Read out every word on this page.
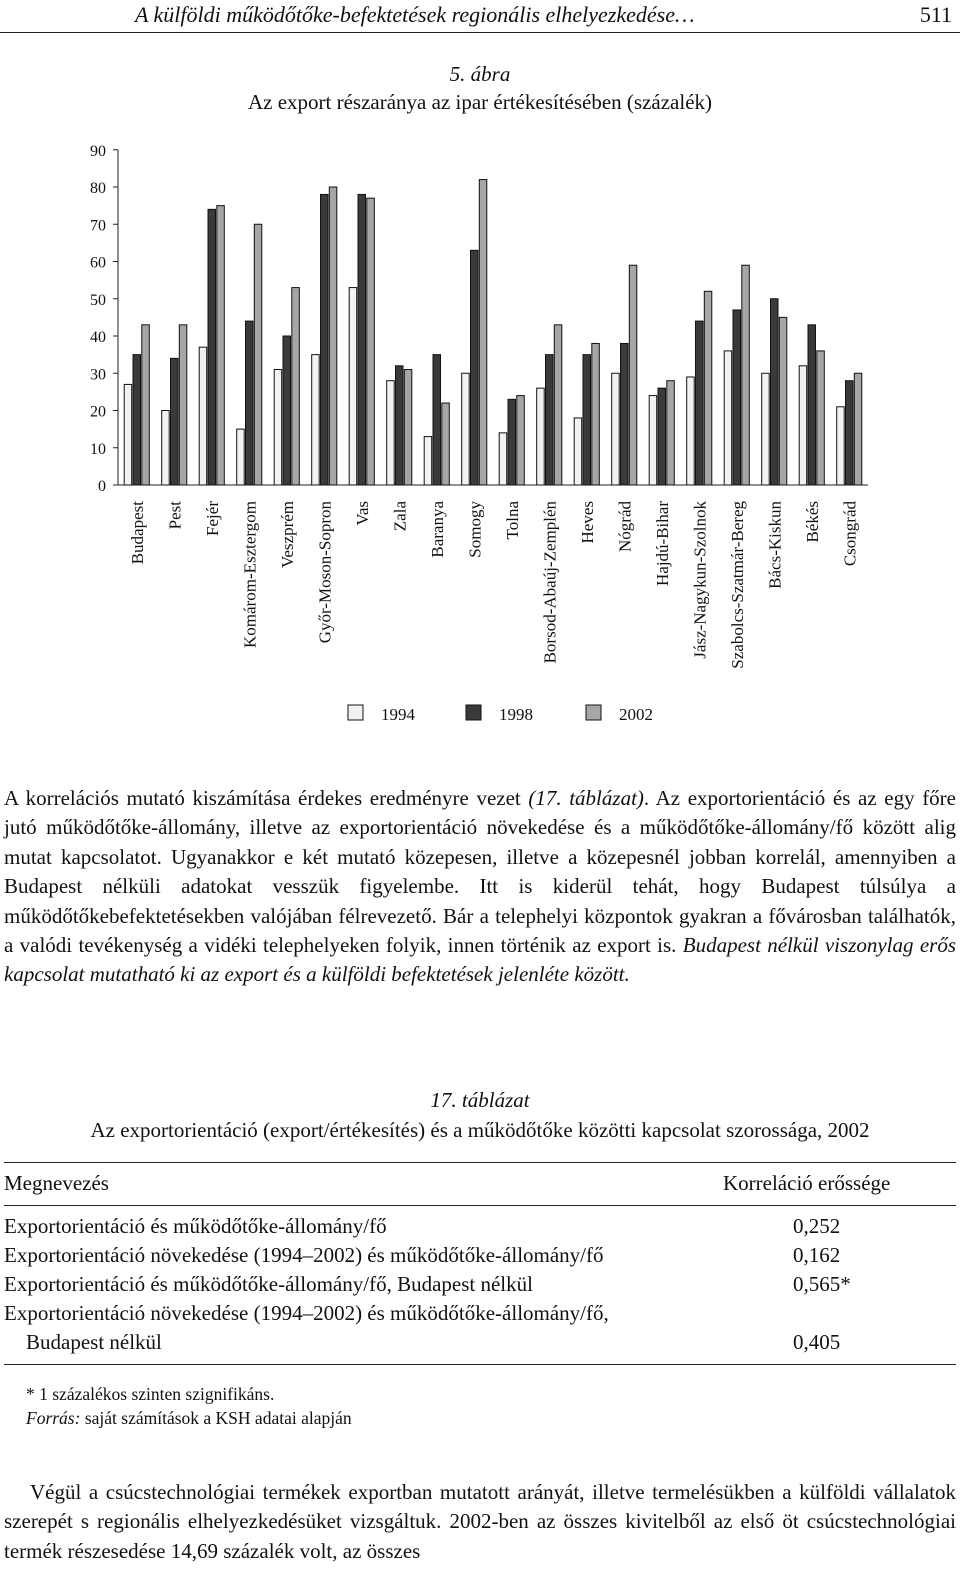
A külföldi működőtőke-befektetések regionális elhelyezkedése…	511
5. ábra
Az export részaránya az ipar értékesítésében (százalék)
0
10
20
30
40
50
60
70
80
90
Budapest Pest Fejér Komárom-Esztergom Veszprém Győr-Moson-Sopron Vas Zala Baranya Somogy Tolna Borsod-Abaúj-Zemplén Heves Nógrád Hajdú-Bihar Jász-Nagykun-Szolnok Szabolcs-Szatmár-Bereg Bács-Kiskun Békés Csongrád
1994	1998	2002

A korrelációs mutató kiszámítása érdekes eredményre vezet (17. táblázat). Az exportorientáció és az egy főre jutó működőtőke-állomány, illetve az exportorientáció növekedése és a működőtőke-állomány/fő között alig mutat kapcsolatot. Ugyanakkor e két mutató közepesen, illetve a közepesnél jobban korrelál, amennyiben a Budapest nélküli adatokat vesszük figyelembe. Itt is kiderül tehát, hogy Budapest túlsúlya a működőtőkebefektetésekben valójában félrevezető. Bár a telephelyi központok gyakran a fővárosban találhatók, a valódi tevékenység a vidéki telephelyeken folyik, innen történik az export is. Budapest nélkül viszonylag erős kapcsolat mutatható ki az export és a külföldi befektetések jelenléte között.

17. táblázat
Az exportorientáció (export/értékesítés) és a működőtőke közötti kapcsolat szorossága, 2002
Megnevezés	Korreláció erőssége
Exportorientáció és működőtőke-állomány/fő	0,252
Exportorientáció növekedése (1994–2002) és működőtőke-állomány/fő	0,162
Exportorientáció és működőtőke-állomány/fő, Budapest nélkül	0,565*
Exportorientáció növekedése (1994–2002) és működőtőke-állomány/fő,
Budapest nélkül	0,405
* 1 százalékos szinten szignifikáns.
Forrás: saját számítások a KSH adatai alapján

Végül a csúcstechnológiai termékek exportban mutatott arányát, illetve termelésükben a külföldi vállalatok szerepét s regionális elhelyezkedésüket vizsgáltuk. 2002-ben az összes kivitelből az első öt csúcstechnológiai termék részesedése 14,69 százalék volt, az összes
